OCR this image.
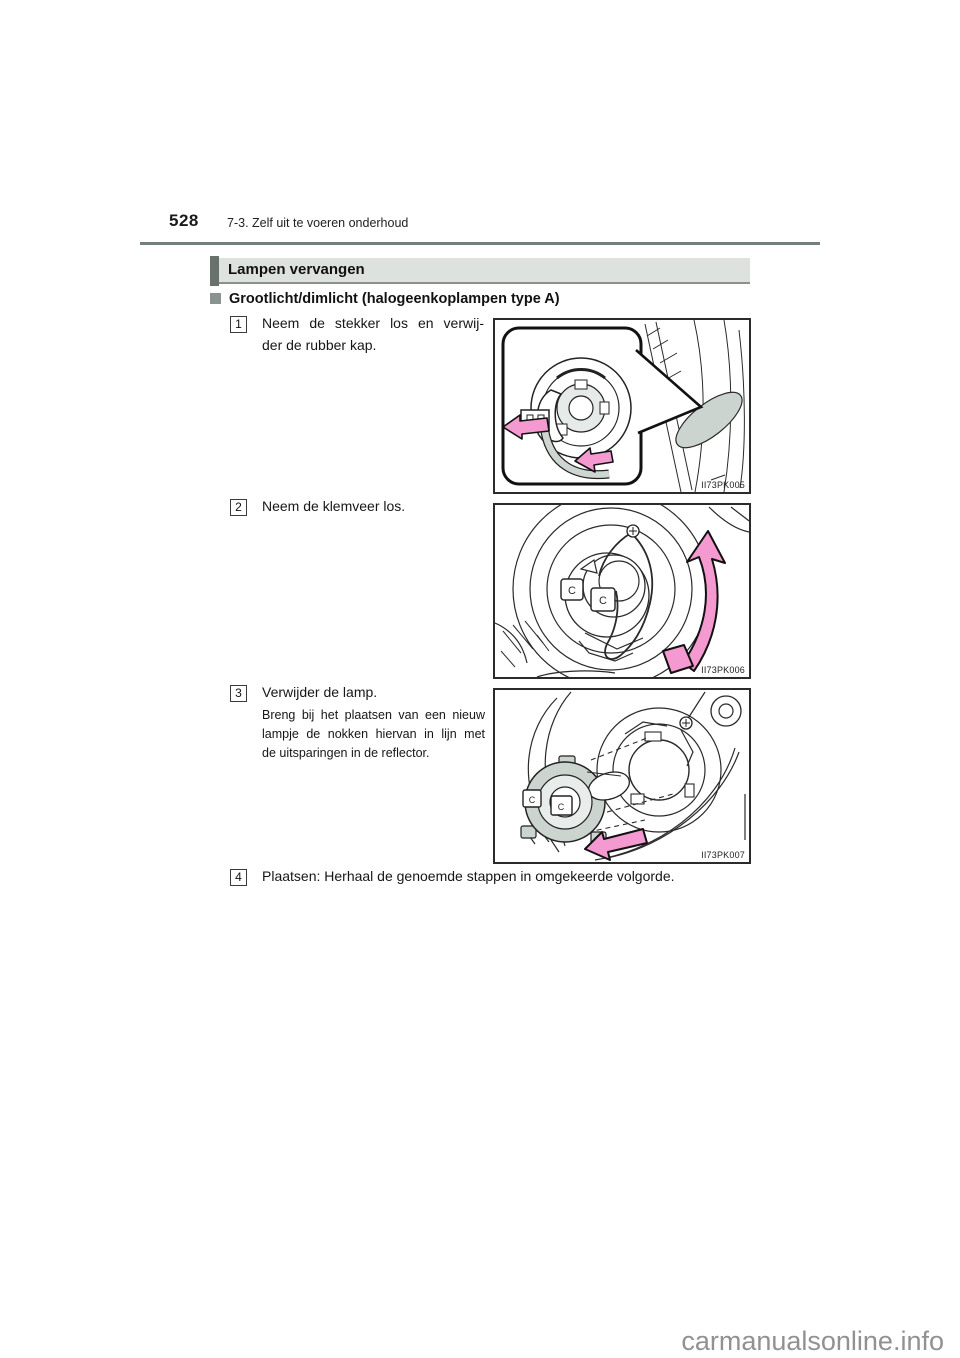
528 7-3. Zelf uit te voeren onderhoud
Lampen vervangen
Grootlicht/dimlicht (halogeenkoplampen type A)
1	Neem de stekker los en verwij-
der de rubber kap.
II73PK005
2	Neem de klemveer los.
C
C
II73PK006
3	Verwijder de lamp.
Breng bij het plaatsen van een nieuw
lampje de nokken hiervan in lijn met
de uitsparingen in de reflector.
C
C
II73PK007
4	Plaatsen: Herhaal de genoemde stappen in omgekeerde volgorde.
carmanualsonline.info
